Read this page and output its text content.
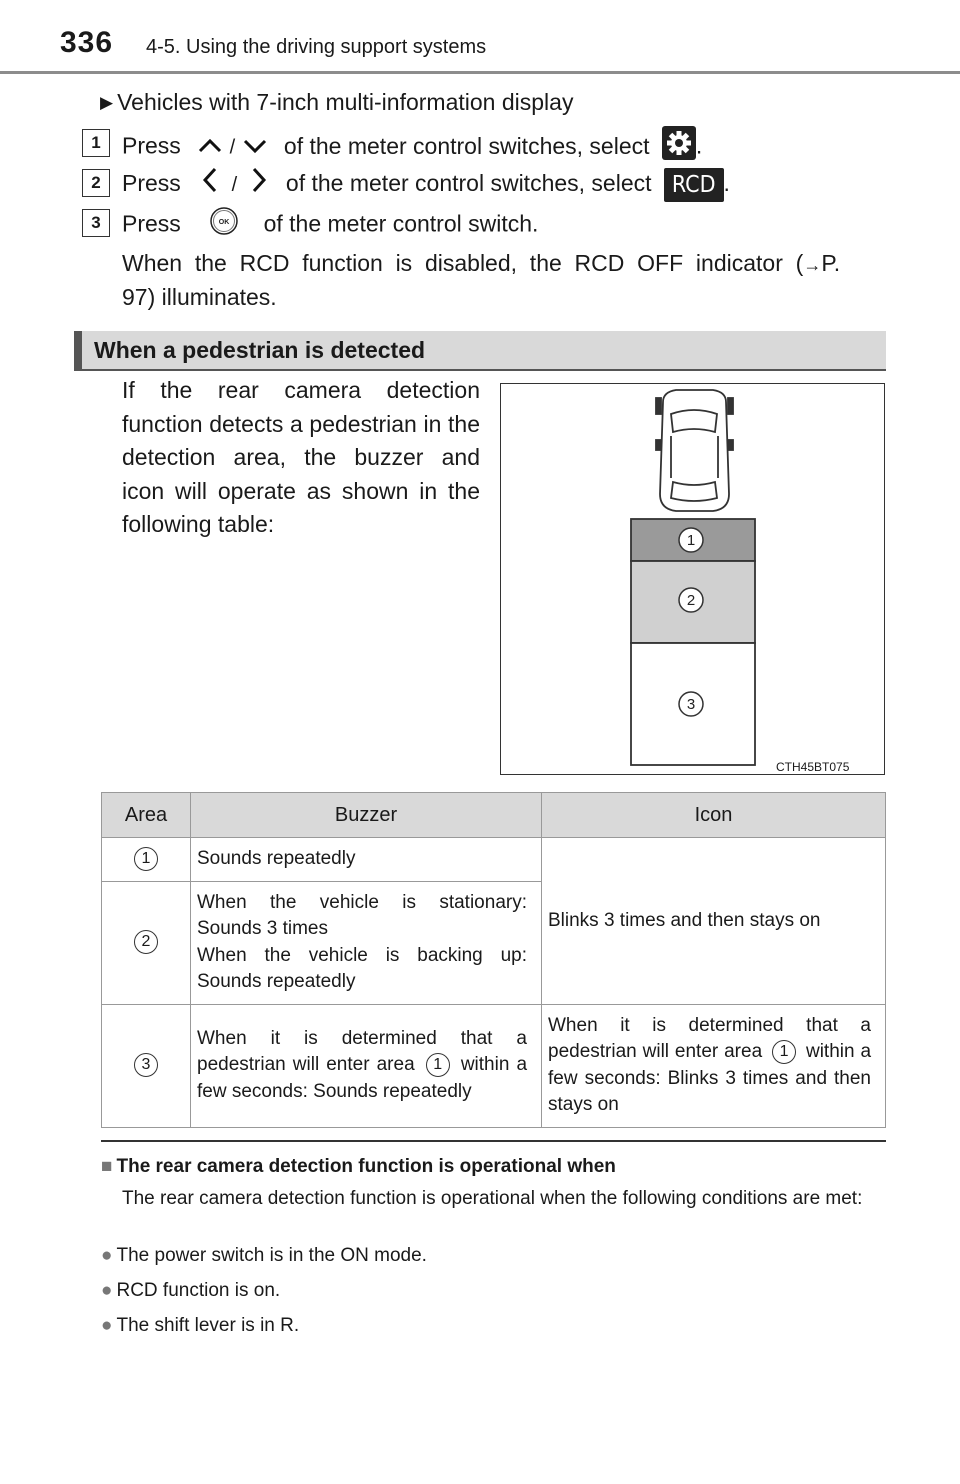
336 4-5. Using the driving support systems
▶ Vehicles with 7-inch multi-information display
1 Press / of the meter control switches, select .
2 Press	/ of the meter control switches, select RCD .
3 Press	OK of the meter control switch.
When  the  RCD  function  is  disabled,  the  RCD  OFF  indicator  (→P.
97) illuminates.
When a pedestrian is detected
If the rear camera detection function detects a pedestrian in the detection area, the buzzer and icon will operate as shown in the following table:
1
2
3
CTH45BT075
Area	Buzzer	Icon
1	Sounds repeatedly	Blinks 3 times and then stays on
2	When the vehicle is stationary:
Sounds 3 times
When the vehicle is backing up:
Sounds repeatedly	

3	When it is determined that a pedestrian will enter area 1 within a few seconds: Sounds repeatedly	When it is determined that a pedestrian will enter area 1 within a few seconds: Blinks 3 times and then stays on
■ The rear camera detection function is operational when
The rear camera detection function is operational when the following conditions are met:
● The power switch is in the ON mode.
● RCD function is on.
● The shift lever is in R.
